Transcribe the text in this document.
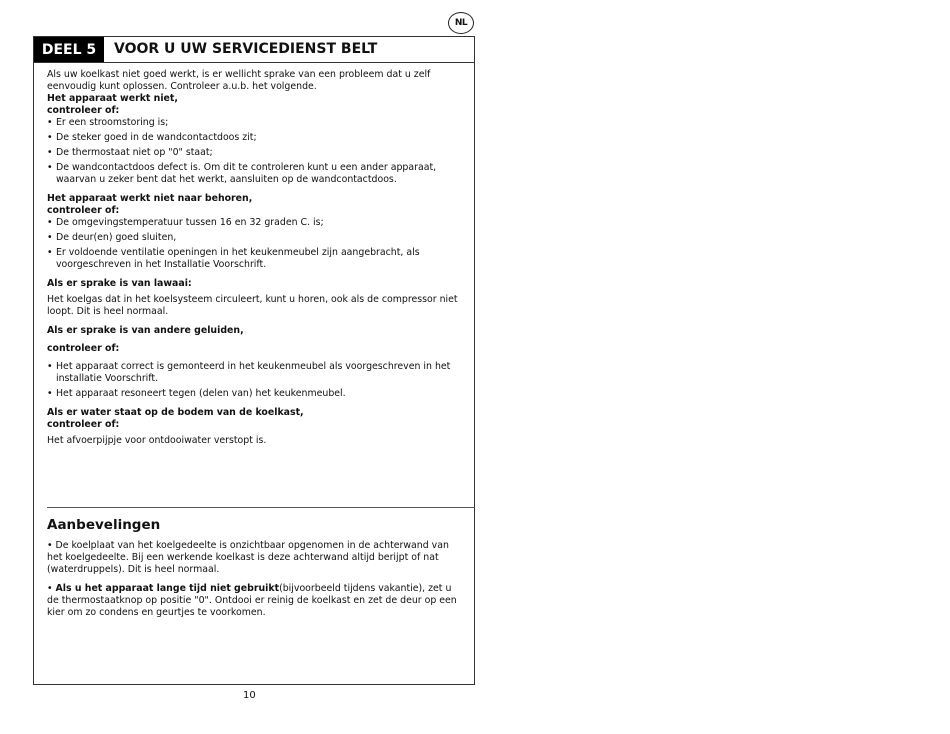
NL
DEEL 5	VOOR U UW SERVICEDIENST BELT

Als uw koelkast niet goed werkt, is er wellicht sprake van een probleem dat u zelf eenvoudig kunt oplossen. Controleer a.u.b. het volgende.

Het apparaat werkt niet,

controleer of:

• Er een stroomstoring is;
• De steker goed in de wandcontactdoos zit;
• De thermostaat niet op "0" staat;
• De wandcontactdoos defect is. Om dit te controleren kunt u een ander apparaat, waarvan u zeker bent dat het werkt, aansluiten op de wandcontactdoos.

Het apparaat werkt niet naar behoren,

controleer of:

• De omgevingstemperatuur tussen 16 en 32 graden C. is;
• De deur(en) goed sluiten,
• Er voldoende ventilatie openingen in het keukenmeubel zijn aangebracht, als voorgeschreven in het Installatie Voorschrift.

Als er sprake is van lawaai:

Het koelgas dat in het koelsysteem circuleert, kunt u horen, ook als de compressor niet loopt. Dit is heel normaal.

Als er sprake is van andere geluiden,

controleer of:

• Het apparaat correct is gemonteerd in het keukenmeubel als voorgeschreven in het installatie Voorschrift.
• Het apparaat resoneert tegen (delen van) het keukenmeubel.

Als er water staat op de bodem van de koelkast,

controleer of:

Het afvoerpijpje voor ontdooiwater verstopt is.

Aanbevelingen

• De koelplaat van het koelgedeelte is onzichtbaar opgenomen in de achterwand van het koelgedeelte. Bij een werkende koelkast is deze achterwand altijd berijpt of nat (waterdruppels). Dit is heel normaal.

• Als u het apparaat lange tijd niet gebruikt(bijvoorbeeld tijdens vakantie), zet u de thermostaatknop op positie "0". Ontdooi er reinig de koelkast en zet de deur op een kier om zo condens en geurtjes te voorkomen.

10
